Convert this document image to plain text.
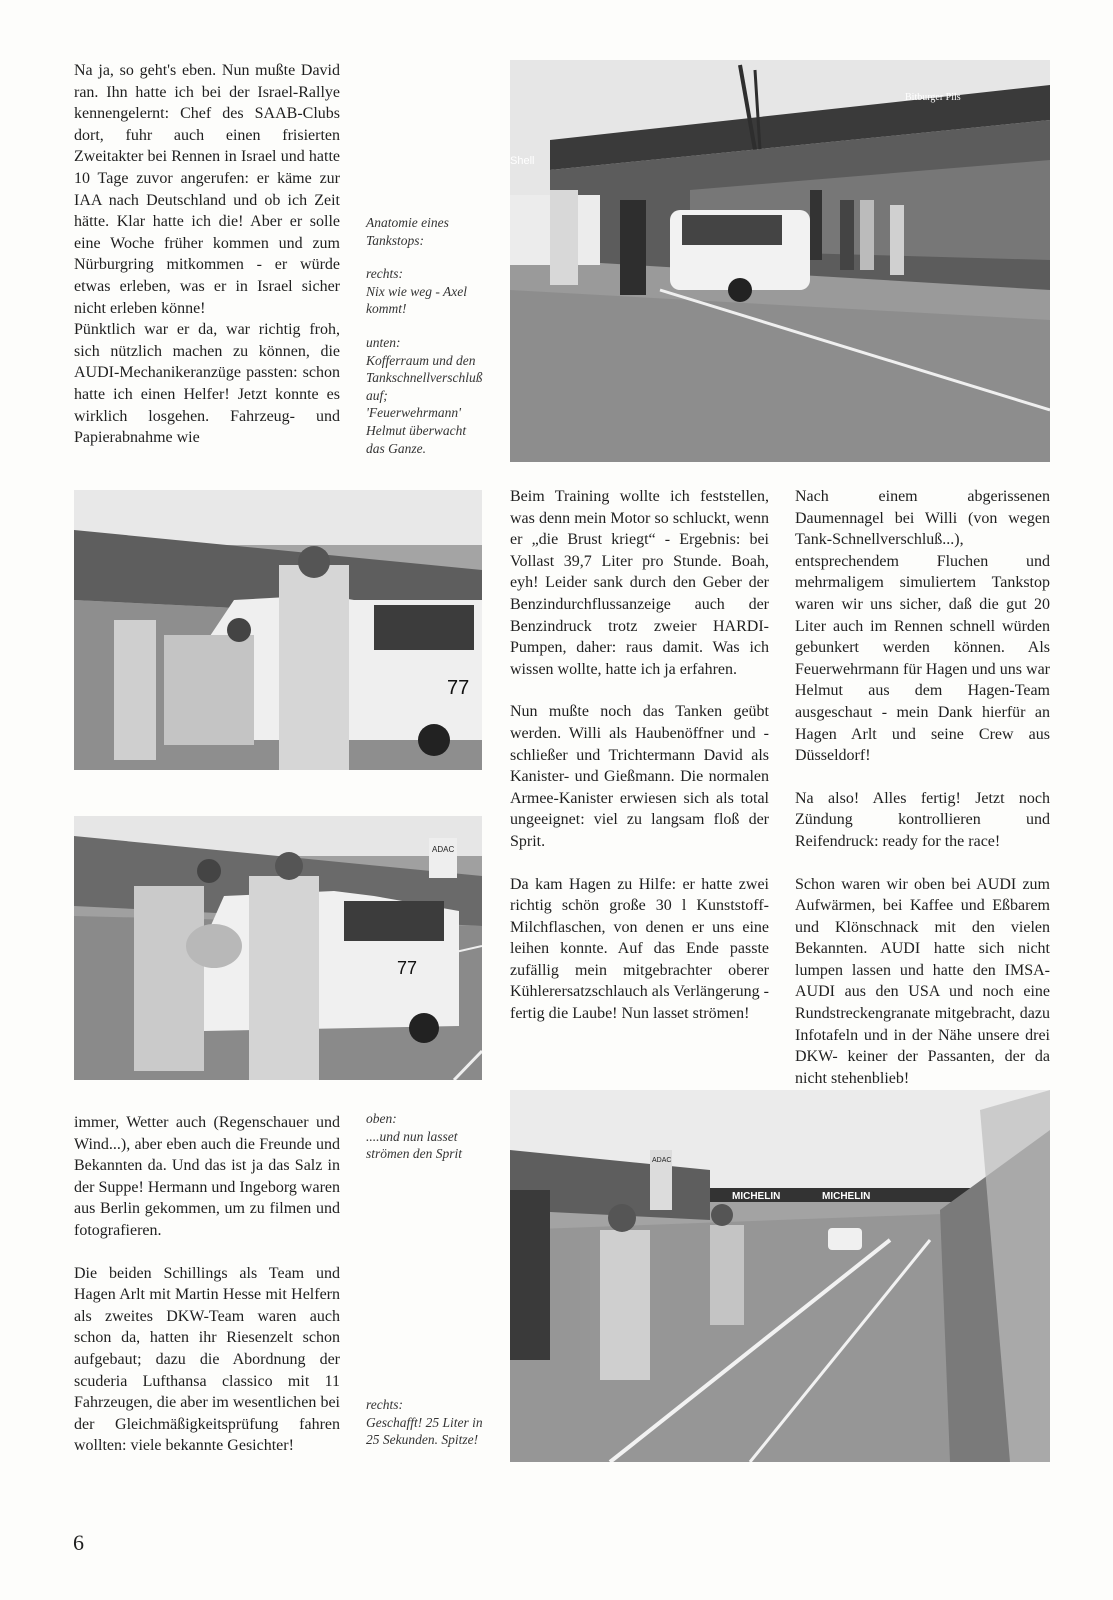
Na ja, so geht's eben. Nun mußte David ran. Ihn hatte ich bei der Israel-Rallye kennengelernt: Chef des SAAB-Clubs dort, fuhr auch einen frisierten Zweitakter bei Rennen in Israel und hatte 10 Tage zuvor angerufen: er käme zur IAA nach Deutschland und ob ich Zeit hätte. Klar hatte ich die! Aber er solle eine Woche früher kommen und zum Nürburgring mitkommen - er würde etwas erleben, was er in Israel sicher nicht erleben könne!

Pünktlich war er da, war richtig froh, sich nützlich machen zu können, die AUDI-Mechanikeranzüge passten: schon hatte ich einen Helfer! Jetzt konnte es wirklich losgehen. Fahrzeug- und Papierabnahme wie

Anatomie eines Tankstops:
rechts:
Nix wie weg - Axel kommt!
unten:
Kofferraum und den Tankschnellverschluß auf; 'Feuerwehrmann' Helmut überwacht das Ganze.
Shell
Bitburger Pils
77
ADAC
77

Beim Training wollte ich feststellen, was denn mein Motor so schluckt, wenn er „die Brust kriegt“ - Ergebnis: bei Vollast 39,7 Liter pro Stunde. Boah, eyh! Leider sank durch den Geber der Benzindurchflussanzeige auch der Benzindruck trotz zweier HARDI-Pumpen, daher: raus damit. Was ich wissen wollte, hatte ich ja erfahren.

Nun mußte noch das Tanken geübt werden. Willi als Haubenöffner und -schließer und Trichtermann David als Kanister- und Gießmann. Die normalen Armee-Kanister erwiesen sich als total ungeeignet: viel zu langsam floß der Sprit.

Da kam Hagen zu Hilfe: er hatte zwei richtig schön große 30 l Kunststoff-Milchflaschen, von denen er uns eine leihen konnte. Auf das Ende passte zufällig mein mitgebrachter oberer Kühlerersatzschlauch als Verlängerung - fertig die Laube! Nun lasset strömen!

Nach einem abgerissenen Daumennagel bei Willi (von wegen Tank-Schnellverschluß...), entsprechendem Fluchen und mehrmaligem simuliertem Tankstop waren wir uns sicher, daß die gut 20 Liter auch im Rennen schnell würden gebunkert werden können. Als Feuerwehrmann für Hagen und uns war Helmut aus dem Hagen-Team ausgeschaut - mein Dank hierfür an Hagen Arlt und seine Crew aus Düsseldorf!

Na also! Alles fertig! Jetzt noch Zündung kontrollieren und Reifendruck: ready for the race!

Schon waren wir oben bei AUDI zum Aufwärmen, bei Kaffee und Eßbarem und Klönschnack mit den vielen Bekannten. AUDI hatte sich nicht lumpen lassen und hatte den IMSA-AUDI aus den USA und noch eine Rundstreckengranate mitgebracht, dazu Infotafeln und in der Nähe unsere drei DKW- keiner der Passanten, der da nicht stehenblieb!

immer, Wetter auch (Regenschauer und Wind...), aber eben auch die Freunde und Bekannten da. Und das ist ja das Salz in der Suppe! Hermann und Ingeborg waren aus Berlin gekommen, um zu filmen und fotografieren.

Die beiden Schillings als Team und Hagen Arlt mit Martin Hesse mit Helfern als zweites DKW-Team waren auch schon da, hatten ihr Riesenzelt schon aufgebaut; dazu die Abordnung der scuderia Lufthansa classico mit 11 Fahrzeugen, die aber im wesentlichen bei der Gleichmäßigkeitsprüfung fahren wollten: viele bekannte Gesichter!

oben:
....und nun lasset strömen den Sprit
rechts:
Geschafft! 25 Liter in 25 Sekunden. Spitze!
ADAC
MICHELIN	MICHELIN
6
